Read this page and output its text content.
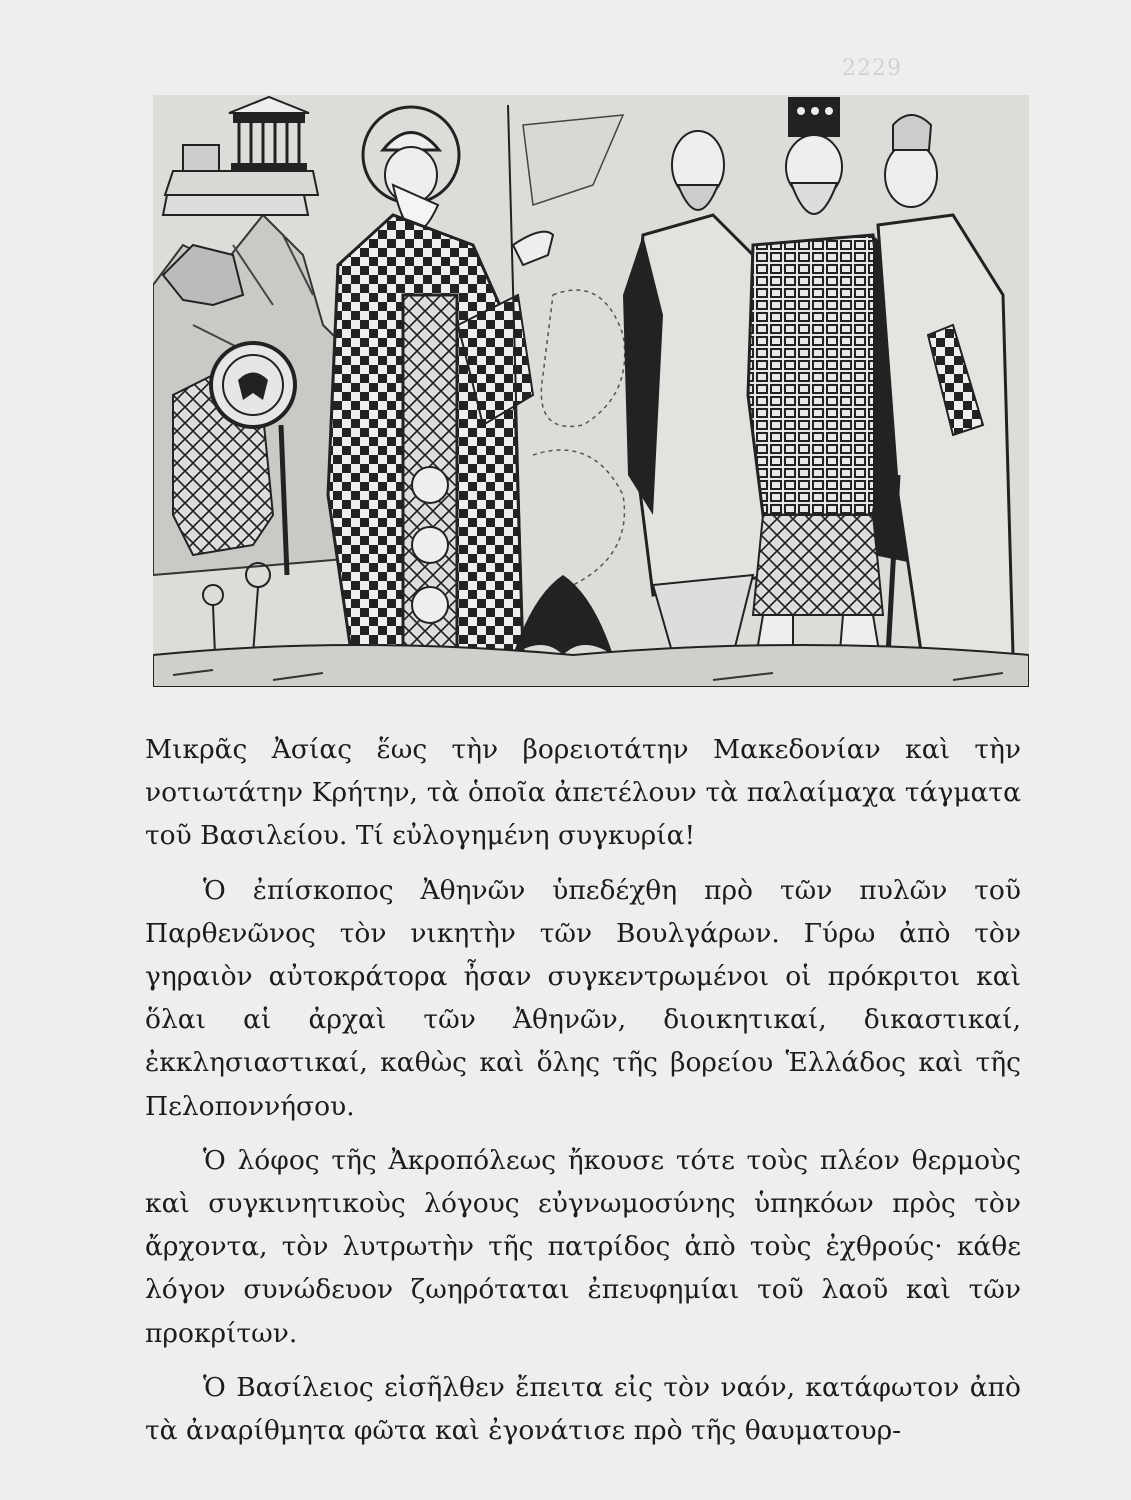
2229

Μικρᾶς Ἀσίας ἕως τὴν βορειοτάτην Μακεδονίαν καὶ τὴν νοτιωτάτην Κρήτην, τὰ ὁποῖα ἀπετέλουν τὰ παλαίμαχα τάγματα τοῦ Βασιλείου. Τί εὐλογημένη συγκυρία!

Ὁ ἐπίσκοπος Ἀθηνῶν ὑπεδέχθη πρὸ τῶν πυλῶν τοῦ Παρθενῶνος τὸν νικητὴν τῶν Βουλγάρων. Γύρω ἀπὸ τὸν γηραιὸν αὐτοκράτορα ἦσαν συγκεντρωμένοι οἱ πρόκριτοι καὶ ὅλαι αἱ ἀρχαὶ τῶν Ἀθηνῶν, διοικητικαί, δικαστικαί, ἐκκλησιαστικαί, καθὼς καὶ ὅλης τῆς βορείου Ἑλλάδος καὶ τῆς Πελοποννήσου.

Ὁ λόφος τῆς Ἀκροπόλεως ἤκουσε τότε τοὺς πλέον θερμοὺς καὶ συγκινητικοὺς λόγους εὐγνωμοσύνης ὑπηκόων πρὸς τὸν ἄρχοντα, τὸν λυτρωτὴν τῆς πατρίδος ἀπὸ τοὺς ἐχθρούς· κάθε λόγον συνώδευον ζωηρόταται ἐπευφημίαι τοῦ λαοῦ καὶ τῶν προκρίτων.

Ὁ Βασίλειος εἰσῆλθεν ἔπειτα εἰς τὸν ναόν, κατάφωτον ἀπὸ τὰ ἀναρίθμητα φῶτα καὶ ἐγονάτισε πρὸ τῆς θαυματουρ-
